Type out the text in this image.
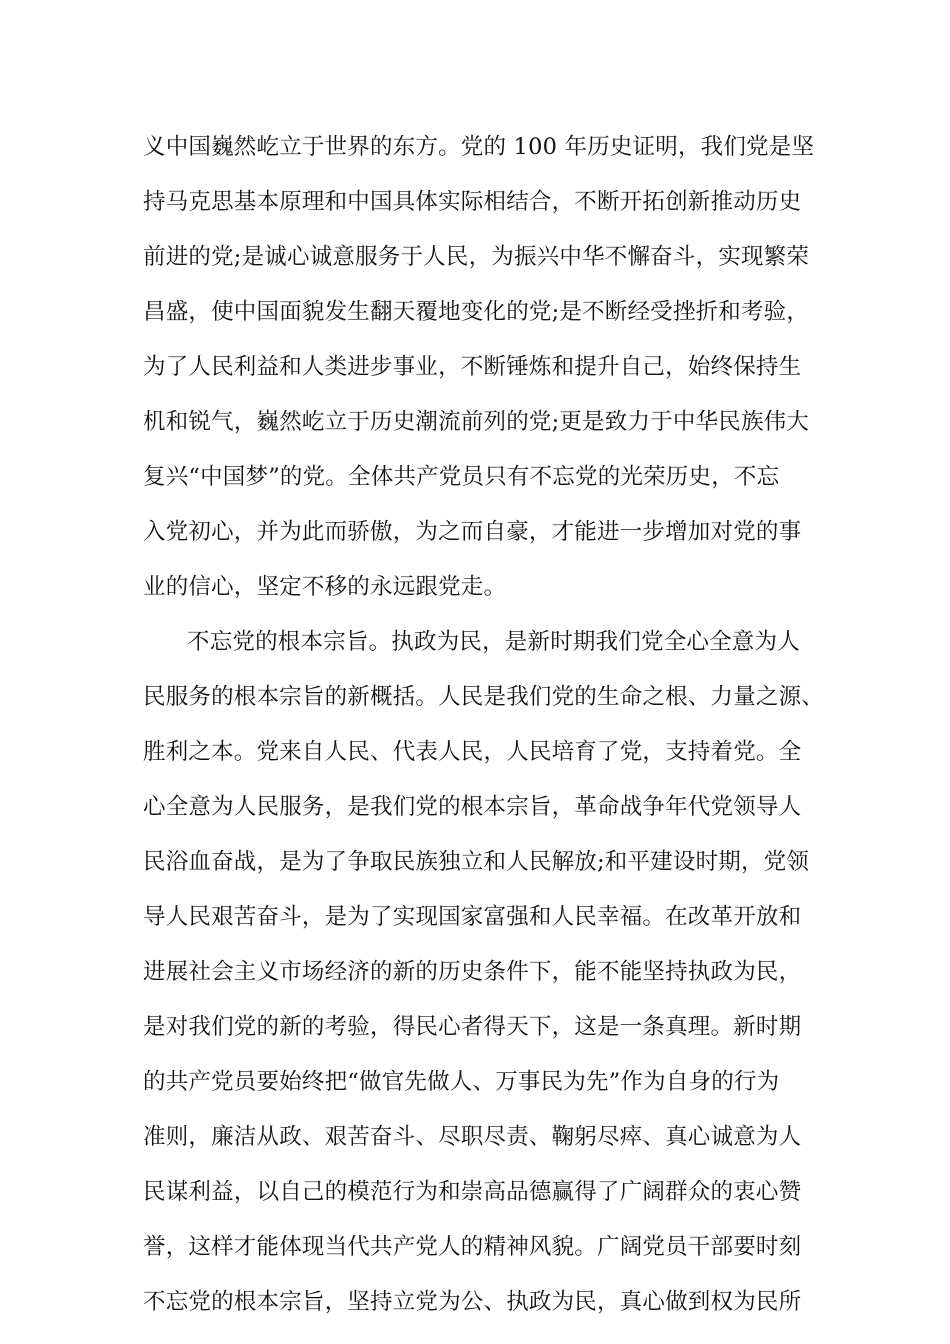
义中国巍然屹立于世界的东方。党的 100 年历史证明，我们党是坚
持马克思基本原理和中国具体实际相结合，不断开拓创新推动历史
前进的党;是诚心诚意服务于人民，为振兴中华不懈奋斗，实现繁荣
昌盛，使中国面貌发生翻天覆地变化的党;是不断经受挫折和考验，
为了人民利益和人类进步事业，不断锤炼和提升自己，始终保持生
机和锐气，巍然屹立于历史潮流前列的党;更是致力于中华民族伟大
复兴“中国梦”的党。全体共产党员只有不忘党的光荣历史，不忘
入党初心，并为此而骄傲，为之而自豪，才能进一步增加对党的事
业的信心，坚定不移的永远跟党走。
不忘党的根本宗旨。执政为民，是新时期我们党全心全意为人
民服务的根本宗旨的新概括。人民是我们党的生命之根、力量之源、
胜利之本。党来自人民、代表人民，人民培育了党，支持着党。全
心全意为人民服务，是我们党的根本宗旨，革命战争年代党领导人
民浴血奋战，是为了争取民族独立和人民解放;和平建设时期，党领
导人民艰苦奋斗，是为了实现国家富强和人民幸福。在改革开放和
进展社会主义市场经济的新的历史条件下，能不能坚持执政为民，
是对我们党的新的考验，得民心者得天下，这是一条真理。新时期
的共产党员要始终把“做官先做人、万事民为先”作为自身的行为
准则，廉洁从政、艰苦奋斗、尽职尽责、鞠躬尽瘁、真心诚意为人
民谋利益，以自己的模范行为和崇高品德赢得了广阔群众的衷心赞
誉，这样才能体现当代共产党人的精神风貌。广阔党员干部要时刻
不忘党的根本宗旨，坚持立党为公、执政为民，真心做到权为民所
